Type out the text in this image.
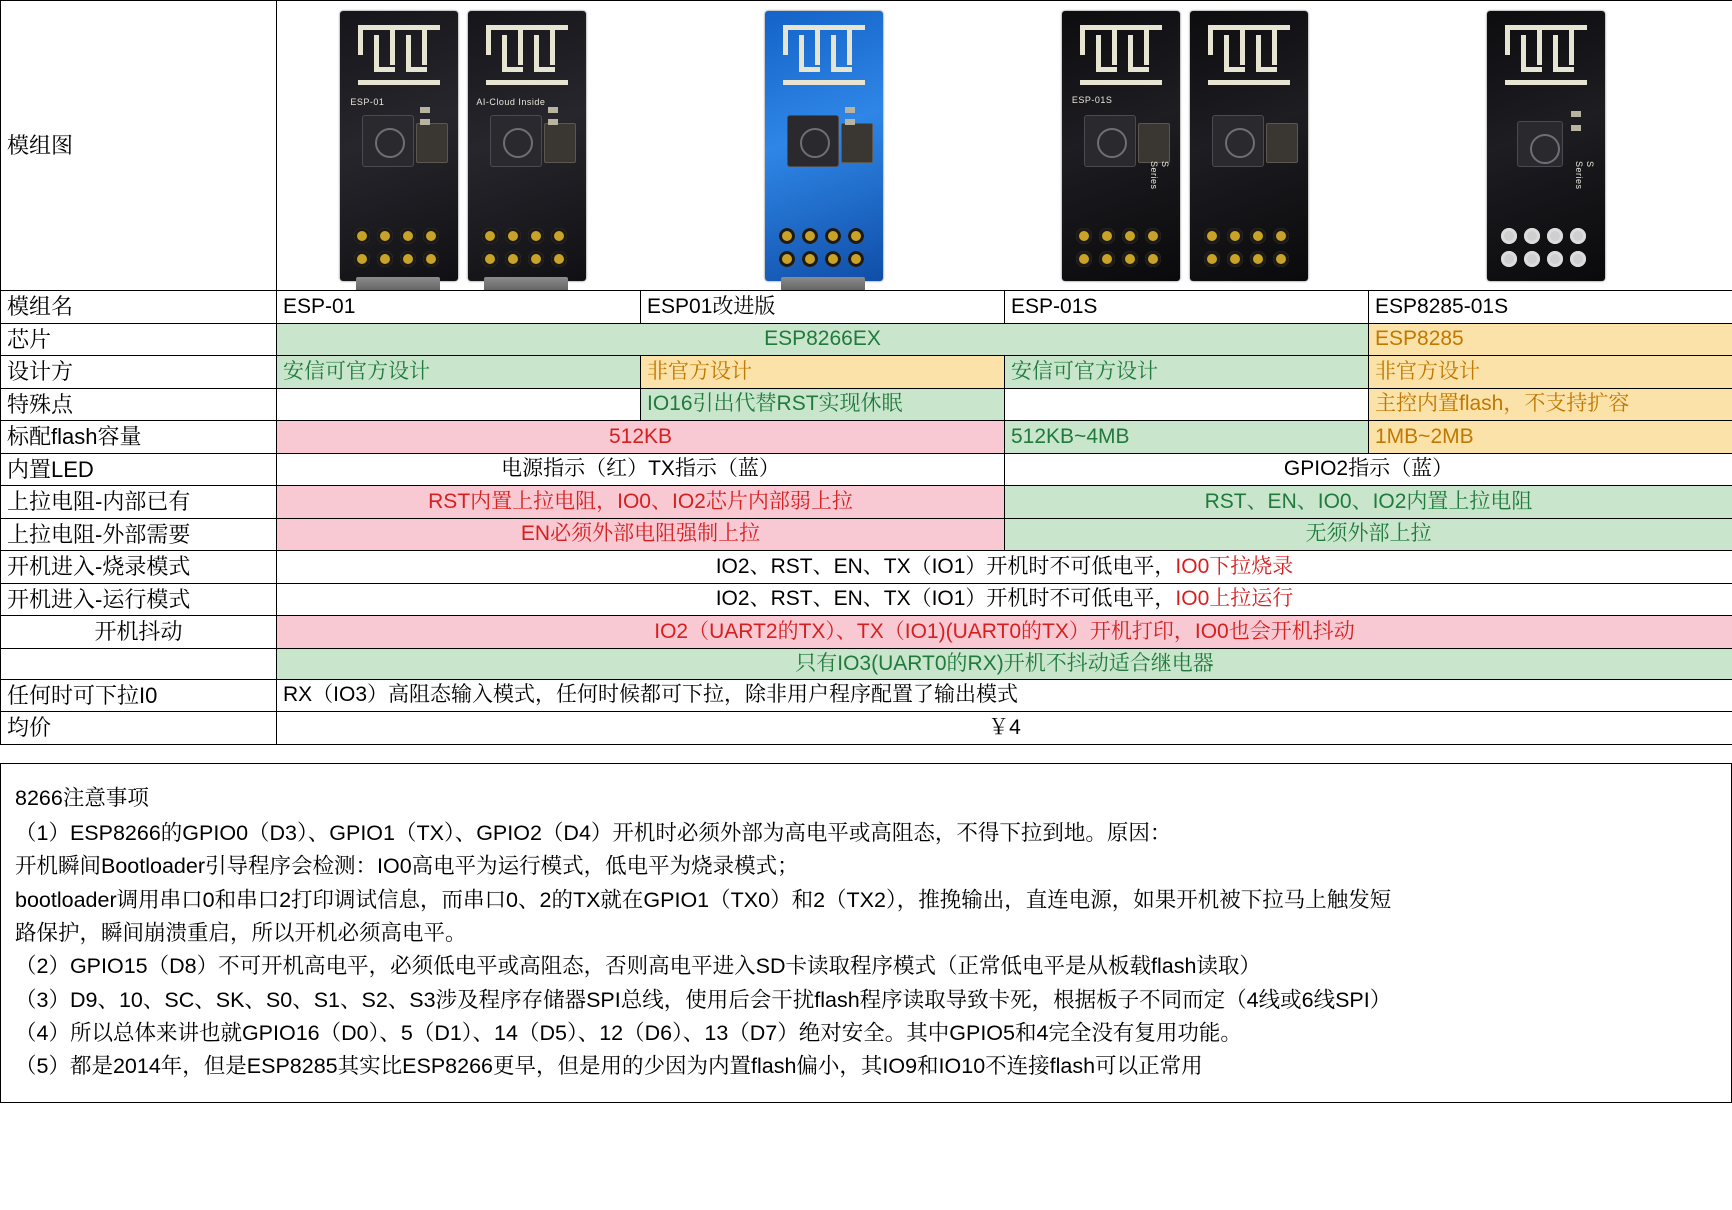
模组图	ESP-01 AI-Cloud Inside ESP-01S
S Series S Series			

模组名	ESP-01	ESP01改进版	ESP-01S	ESP8285-01S
芯片	ESP8266EX			ESP8285
设计方	安信可官方设计	非官方设计	安信可官方设计	非官方设计
特殊点		IO16引出代替RST实现休眠		主控内置flash，不支持扩容
标配flash容量	512KB		512KB~4MB	1MB~2MB
内置LED	电源指示（红）TX指示（蓝）		GPIO2指示（蓝）	
上拉电阻-内部已有	RST内置上拉电阻，IO0、IO2芯片内部弱上拉		RST、EN、IO0、IO2内置上拉电阻	
上拉电阻-外部需要	EN必须外部电阻强制上拉		无须外部上拉	
开机进入-烧录模式	IO2、RST、EN、TX（IO1）开机时不可低电平，IO0下拉烧录			
开机进入-运行模式	IO2、RST、EN、TX（IO1）开机时不可低电平，IO0上拉运行			
开机抖动	IO2（UART2的TX）、TX（IO1)(UART0的TX）开机打印，IO0也会开机抖动			
	只有IO3(UART0的RX)开机不抖动适合继电器			
任何时可下拉I0	RX（IO3）高阻态输入模式，任何时候都可下拉，除非用户程序配置了输出模式			
均价	￥4			

8266注意事项

（1）ESP8266的GPIO0（D3）、GPIO1（TX）、GPIO2（D4）开机时必须外部为高电平或高阻态，不得下拉到地。原因：

开机瞬间Bootloader引导程序会检测：IO0高电平为运行模式，低电平为烧录模式；

bootloader调用串口0和串口2打印调试信息，而串口0、2的TX就在GPIO1（TX0）和2（TX2），推挽输出，直连电源，如果开机被下拉马上触发短

路保护，瞬间崩溃重启，所以开机必须高电平。

（2）GPIO15（D8）不可开机高电平，必须低电平或高阻态，否则高电平进入SD卡读取程序模式（正常低电平是从板载flash读取）

（3）D9、10、SC、SK、S0、S1、S2、S3涉及程序存储器SPI总线，使用后会干扰flash程序读取导致卡死，根据板子不同而定（4线或6线SPI）

（4）所以总体来讲也就GPIO16（D0）、5（D1）、14（D5）、12（D6）、13（D7）绝对安全。其中GPIO5和4完全没有复用功能。

（5）都是2014年，但是ESP8285其实比ESP8266更早，但是用的少因为内置flash偏小，其IO9和IO10不连接flash可以正常用
